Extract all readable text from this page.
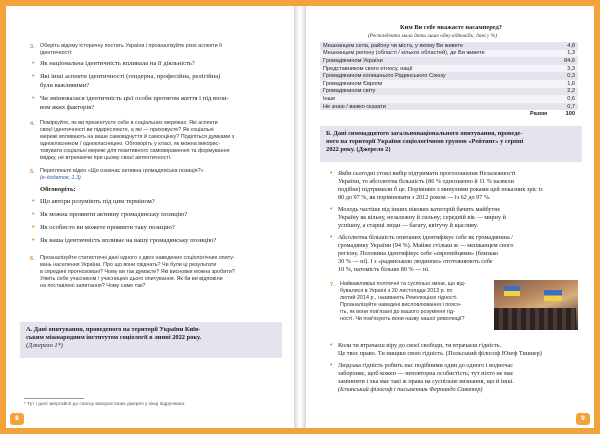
3. Оберіть відому історичну постать України і проаналізуйте різні аспекти її
ідентичності:
• Як національна ідентичність впливала на її діяльність?
• Які інші аспекти ідентичності (гендерна, професійна, релігійна)
були важливими?
• Чи змінювалася ідентичність цієї особи протягом життя і під впли-
вом яких факторів?
4. Поміркуйте, як ви презентуєте себе в соціальних мережах. Які аспекти
своєї ідентичності ви підкреслюєте, а які — приховуєте? Як соціальні
мережі впливають на ваше самовідчуття й самооцінку? Поділіться думками з
однокласником / однокласницею. Обговоріть у класі, як можна викорис-
товувати соціальні мережі для позитивного самовираження та формування
іміджу, не втрачаючи при цьому своєї автентичності.
5. Перегляньте відео «Що означає активна громадянська позиція?»
(е-додаток, 1.3).
Обговоріть:
• Що автори розуміють під цим терміном?
• Як можна проявити активну громадянську позицію?
• Як особисто ви можете проявити таку позицію?
• Як ваша ідентичність впливає на вашу громадянську позицію?
6. Проаналізуйте статистичні дані одного з двох наведених соціологічних опиту-
вань населення України. Про що вони свідчать? Чи були ці результати
в середині прогнозовані? Чому ви так думаєте? Які висновки можна зробити?
Уявіть себе учасником / учасницею цього опитування. Як би ви відповіли
на поставлені запитання? Чому саме так?
А. Дані опитування, проведеного на території України Київ-
ським міжнародним інститутом соціології в липні 2022 року.
(Джерело 1*)
* Тут і далі звертайся до списку використаних джерел у кінці підручника.
8
Ким Ви себе вважаєте насамперед?
(Респонденти мали дати лише одну відповідь; дані у %)
Мешканцем села, району чи міста, у якому Ви живете	4,8
Мешканцем регіону (області / кількох областей), де Ви живете	1,3
Громадянином України	84,6
Представником свого етносу, нації	3,3
Громадянином колишнього Радянського Союзу	0,3
Громадянином Європи	1,6
Громадянином світу	2,2
Інше	0,6
Не знаю / важко сказати	0,7
Разом	100
Б. Дані симмадцятого загальнонаціонального опитування, проведе-
ного на території України соціологічною групою «Рейтинг» у серпні
2022 року. (Джерело 2)
• Якби сьогодні стоял вибір підтримати проголошення Незалежності
України, то абсолютна більшість (86 % однозначно й 11 % назвели
подібне) підтримали б це. Порівняно з минулими роками цей показник зріс із
80 до 97 %, як порівнювати з 2012 роком — із 62 до 97 %.
• Молодь частіше від інших вікових категорій бачить майбутнє
Україну як вільну, незалежну й сильну; середній вік — мирну й
успішну, а старші люди — багату, квітучу й щасливу.
• Абсолютна більшість опитаних ідентифікує себе як громадянина /
громадянку України (94 %). Майже стільки ж — мешканцем свого
регіону. Половина ідентифікує себе «європейцями» (близько
30 % — ні). І з «радянською людиною» ототожнюють себе
10 %, натомість більше 80 % — ні.
7. Найважливіші політичні та суспільні зміни, що від-
бувалися в Україні з 30 листопада 2013 р. по
лютий 2014 р., називають Революцією гідності.
Проаналізуйте наведені висловлювання і поясн-
іть, як вони пов'язані до вашого розуміння гід-
ності. Чи пов'язують вони назву нашої революції?
• Коли ти втрачаєш віру до своєї свободи, ти втрачаєш гідність.
Це твоє право. Ти нищиш свою гідність. (Польський філософ Юзеф Тишнер)
• Людська гідність робить нас подібними один до одного і водночас
забороняє, щоб кожен — неповторна особистість; тут ніхто не має
заміннити і хка має такі ж права на суспільне визнання, що й інші.
(Іспанський філософ і письменник Фернандо Саватер)
9
